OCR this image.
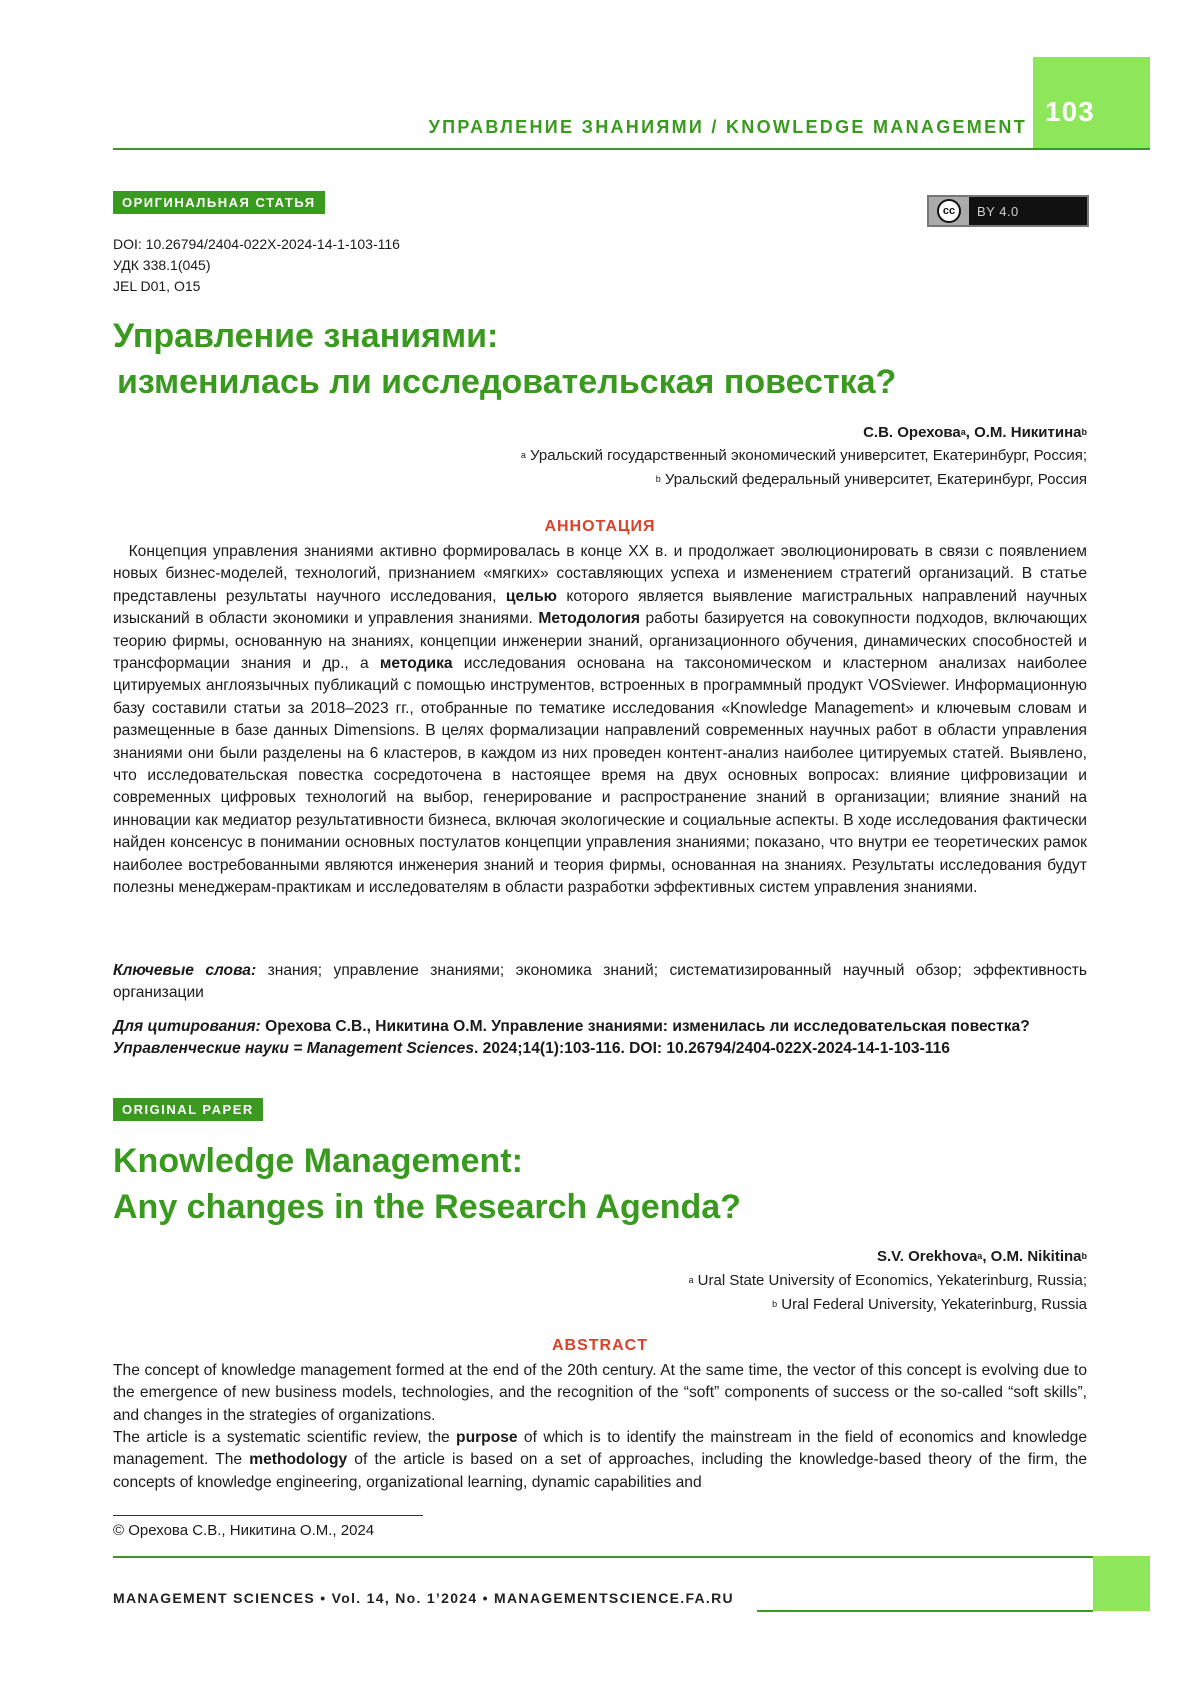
103
УПРАВЛЕНИЕ ЗНАНИЯМИ / KNOWLEDGE MANAGEMENT
ОРИГИНАЛЬНАЯ СТАТЬЯ
cc	BY 4.0
DOI: 10.26794/2404-022X-2024-14-1-103-116
УДК 338.1(045)
JEL D01, O15
Управление знаниями:
изменилась ли исследовательская повестка?
С.В. Ореховаa, О.М. Никитинаb
a Уральский государственный экономический университет, Екатеринбург, Россия;
b Уральский федеральный университет, Екатеринбург, Россия
АННОТАЦИЯ
 Концепция управления знаниями активно формировалась в конце XX в. и продолжает эволюционировать в связи с появлением новых бизнес-моделей, технологий, признанием «мягких» составляющих успеха и изменением стратегий организаций. В статье представлены результаты научного исследования, целью которого является выявление магистральных направлений научных изысканий в области экономики и управления знаниями. Методология работы базируется на совокупности подходов, включающих теорию фирмы, основанную на знаниях, концепции инженерии знаний, организационного обучения, динамических способностей и трансформации знания и др., а методика исследования основана на таксономическом и кластерном анализах наиболее цитируемых англоязычных публикаций с помощью инструментов, встроенных в программный продукт VOSviewer. Информационную базу составили статьи за 2018–2023 гг., отобранные по тематике исследования «Knowledge Management» и ключевым словам и размещенные в базе данных Dimensions. В целях формализации направлений современных научных работ в области управления знаниями они были разделены на 6 кластеров, в каждом из них проведен контент-анализ наиболее цитируемых статей. Выявлено, что исследовательская повестка сосредоточена в настоящее время на двух основных вопросах: влияние цифровизации и современных цифровых технологий на выбор, генерирование и распространение знаний в организации; влияние знаний на инновации как медиатор результативности бизнеса, включая экологические и социальные аспекты. В ходе исследования фактически найден консенсус в понимании основных постулатов концепции управления знаниями; показано, что внутри ее теоретических рамок наиболее востребованными являются инженерия знаний и теория фирмы, основанная на знаниях. Результаты исследования будут полезны менеджерам-практикам и исследователям в области разработки эффективных систем управления знаниями.
Ключевые слова: знания; управление знаниями; экономика знаний; систематизированный научный обзор; эффективность организации
Для цитирования: Орехова С.В., Никитина О.М. Управление знаниями: изменилась ли исследовательская повестка? Управленческие науки = Management Sciences. 2024;14(1):103-116. DOI: 10.26794/2404-022X-2024-14-1-103-116
ORIGINAL PAPER
Knowledge Management:
Any changes in the Research Agenda?
S.V. Orekhovaa, O.M. Nikitinab
a Ural State University of Economics, Yekaterinburg, Russia;
b Ural Federal University, Yekaterinburg, Russia
ABSTRACT
The concept of knowledge management formed at the end of the 20th century. At the same time, the vector of this concept is evolving due to the emergence of new business models, technologies, and the recognition of the “soft” components of success or the so-called “soft skills”, and changes in the strategies of organizations.
The article is a systematic scientific review, the purpose of which is to identify the mainstream in the field of economics and knowledge management. The methodology of the article is based on a set of approaches, including the knowledge-based theory of the firm, the concepts of knowledge engineering, organizational learning, dynamic capabilities and
© Орехова С.В., Никитина О.М., 2024
MANAGEMENT SCIENCES • Vol. 14, No. 1’2024 • MANAGEMENTSCIENCE.FA.RU
